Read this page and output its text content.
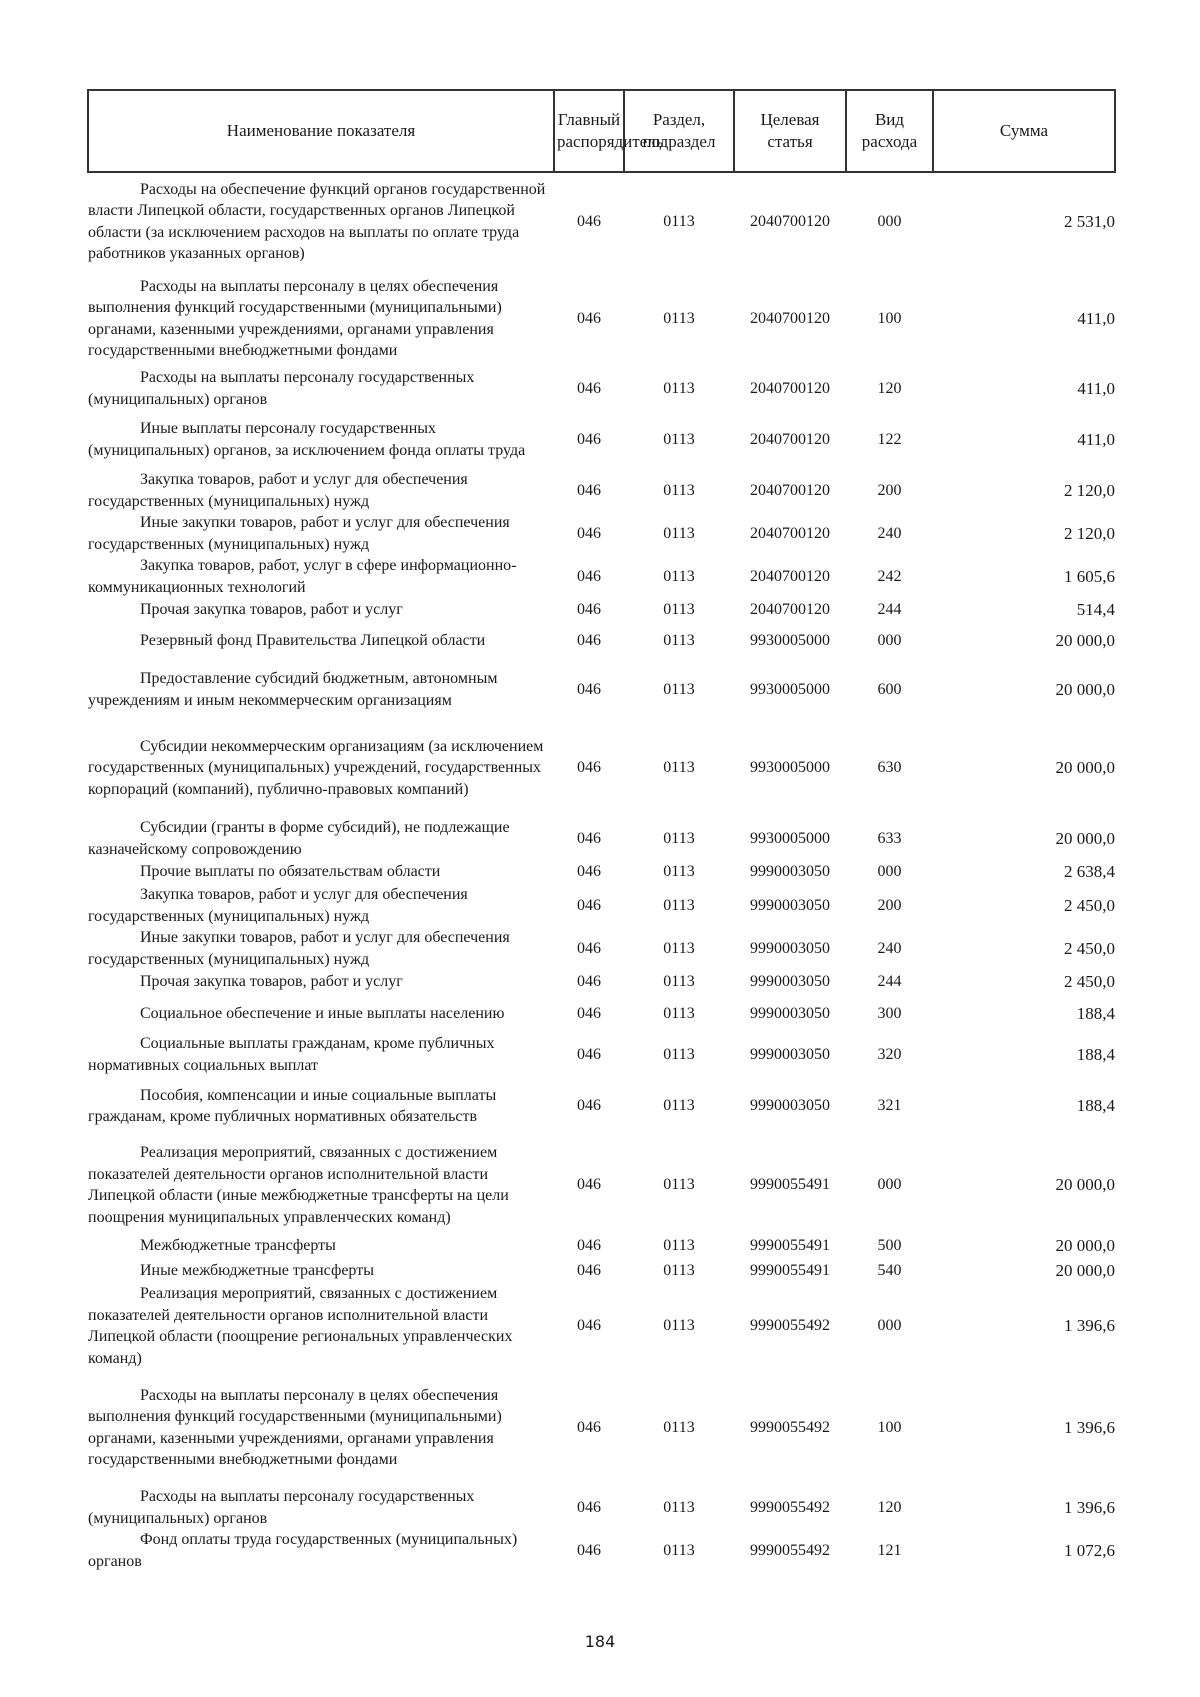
Наименование показателя	Главный распорядитель	Раздел, подраздел	Целевая статья	Вид расхода	Сумма

Расходы на обеспечение функций органов государственной власти Липецкой области, государственных органов Липецкой области (за исключением расходов на выплаты по оплате труда работников указанных органов)	046	0113	2040700120	000	2 531,0

Расходы на выплаты персоналу в целях обеспечения выполнения функций государственными (муниципальными) органами, казенными учреждениями, органами управления государственными внебюджетными фондами	046	0113	2040700120	100	411,0

Расходы на выплаты персоналу государственных (муниципальных) органов	046	0113	2040700120	120	411,0

Иные выплаты персоналу государственных (муниципальных) органов, за исключением фонда оплаты труда	046	0113	2040700120	122	411,0

Закупка товаров, работ и услуг для обеспечения государственных (муниципальных) нужд	046	0113	2040700120	200	2 120,0

Иные закупки товаров, работ и услуг для обеспечения государственных (муниципальных) нужд	046	0113	2040700120	240	2 120,0

Закупка товаров, работ, услуг в сфере информационно-коммуникационных технологий	046	0113	2040700120	242	1 605,6

Прочая закупка товаров, работ и услуг	046	0113	2040700120	244	514,4

Резервный фонд Правительства Липецкой области	046	0113	9930005000	000	20 000,0

Предоставление субсидий бюджетным, автономным учреждениям и иным некоммерческим организациям	046	0113	9930005000	600	20 000,0

Субсидии некоммерческим организациям (за исключением государственных (муниципальных) учреждений, государственных корпораций (компаний), публично-правовых компаний)	046	0113	9930005000	630	20 000,0

Субсидии (гранты в форме субсидий), не подлежащие казначейскому сопровождению	046	0113	9930005000	633	20 000,0

Прочие выплаты по обязательствам области	046	0113	9990003050	000	2 638,4

Закупка товаров, работ и услуг для обеспечения государственных (муниципальных) нужд	046	0113	9990003050	200	2 450,0

Иные закупки товаров, работ и услуг для обеспечения государственных (муниципальных) нужд	046	0113	9990003050	240	2 450,0

Прочая закупка товаров, работ и услуг	046	0113	9990003050	244	2 450,0

Социальное обеспечение и иные выплаты населению	046	0113	9990003050	300	188,4

Социальные выплаты гражданам, кроме публичных нормативных социальных выплат	046	0113	9990003050	320	188,4

Пособия, компенсации и иные социальные выплаты гражданам, кроме публичных нормативных обязательств	046	0113	9990003050	321	188,4

Реализация мероприятий, связанных с достижением показателей деятельности органов исполнительной власти Липецкой области (иные межбюджетные трансферты на цели поощрения муниципальных управленческих команд)	046	0113	9990055491	000	20 000,0

Межбюджетные трансферты	046	0113	9990055491	500	20 000,0

Иные межбюджетные трансферты	046	0113	9990055491	540	20 000,0

Реализация мероприятий, связанных с достижением показателей деятельности органов исполнительной власти Липецкой области (поощрение региональных управленческих команд)	046	0113	9990055492	000	1 396,6

Расходы на выплаты персоналу в целях обеспечения выполнения функций государственными (муниципальными) органами, казенными учреждениями, органами управления государственными внебюджетными фондами	046	0113	9990055492	100	1 396,6

Расходы на выплаты персоналу государственных (муниципальных) органов	046	0113	9990055492	120	1 396,6

Фонд оплаты труда государственных (муниципальных) органов	046	0113	9990055492	121	1 072,6
184
